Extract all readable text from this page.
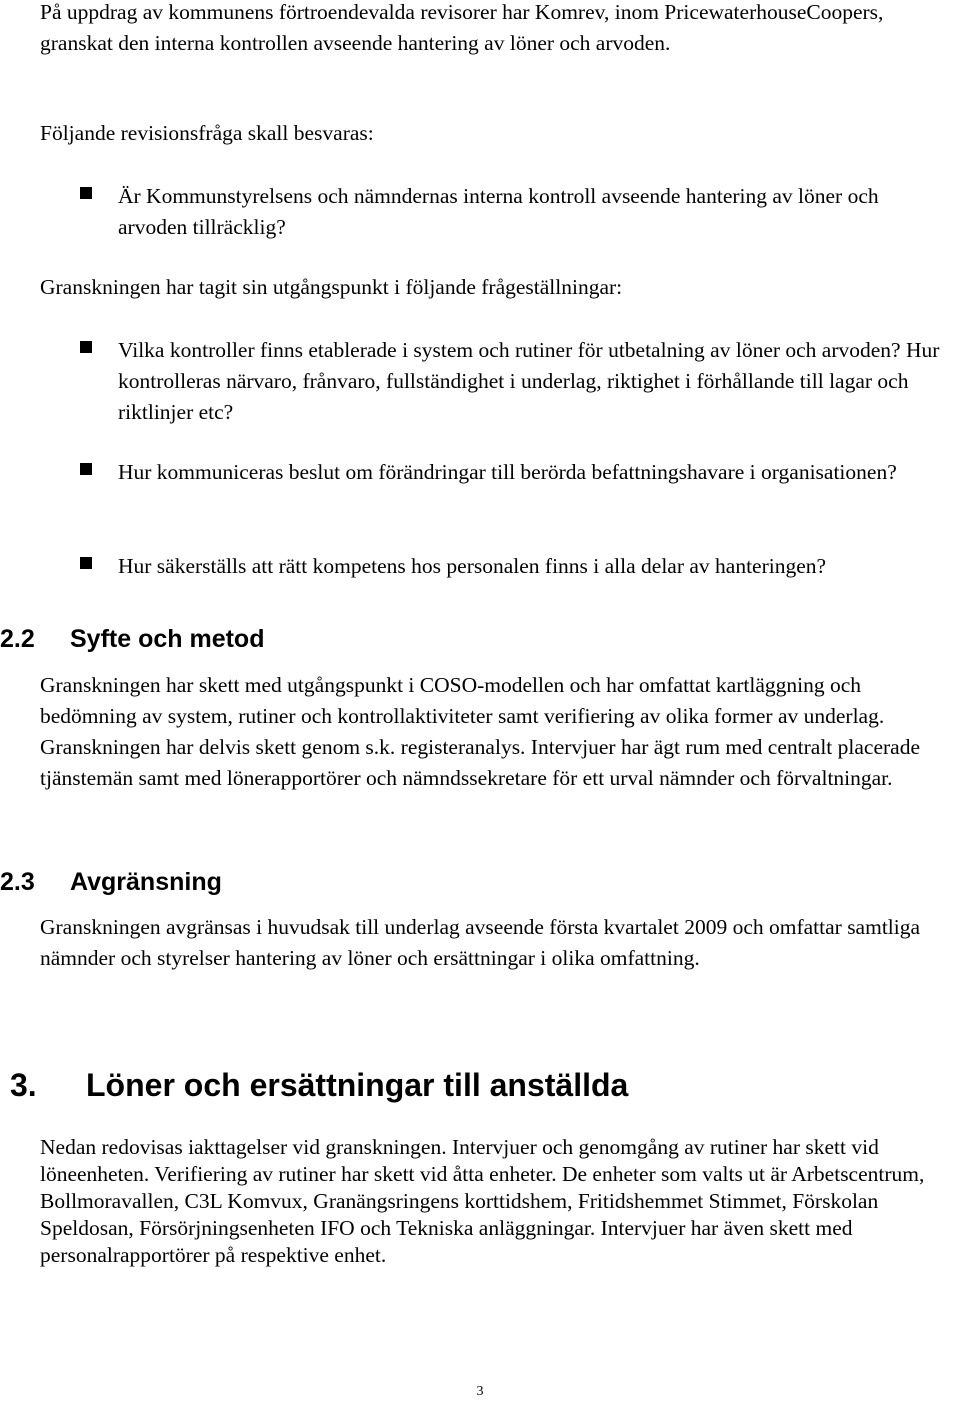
På uppdrag av kommunens förtroendevalda revisorer har Komrev, inom PricewaterhouseCoopers, granskat den interna kontrollen avseende hantering av löner och arvoden.

Följande revisionsfråga skall besvaras:

Är Kommunstyrelsens och nämndernas interna kontroll avseende hantering av löner och arvoden tillräcklig?

Granskningen har tagit sin utgångspunkt i följande frågeställningar:

Vilka kontroller finns etablerade i system och rutiner för utbetalning av löner och arvoden? Hur kontrolleras närvaro, frånvaro, fullständighet i underlag, riktighet i förhållande till lagar och riktlinjer etc?

Hur kommuniceras beslut om förändringar till berörda befattningshavare i organisationen?

Hur säkerställs att rätt kompetens hos personalen finns i alla delar av hanteringen?

2.2 Syfte och metod

Granskningen har skett med utgångspunkt i COSO-modellen och har omfattat kartläggning och bedömning av system, rutiner och kontrollaktiviteter samt verifiering av olika former av underlag. Granskningen har delvis skett genom s.k. registeranalys. Intervjuer har ägt rum med centralt placerade tjänstemän samt med lönerapportörer och nämndssekretare för ett urval nämnder och förvaltningar.

2.3 Avgränsning

Granskningen avgränsas i huvudsak till underlag avseende första kvartalet 2009 och omfattar samtliga nämnder och styrelser hantering av löner och ersättningar i olika omfattning.

3. Löner och ersättningar till anställda

Nedan redovisas iakttagelser vid granskningen. Intervjuer och genomgång av rutiner har skett vid löneenheten. Verifiering av rutiner har skett vid åtta enheter. De enheter som valts ut är Arbetscentrum, Bollmoravallen, C3L Komvux, Granängsringens korttidshem, Fritidshemmet Stimmet, Förskolan Speldosan, Försörjningsenheten IFO och Tekniska anläggningar. Intervjuer har även skett med personalrapportörer på respektive enhet.

3
